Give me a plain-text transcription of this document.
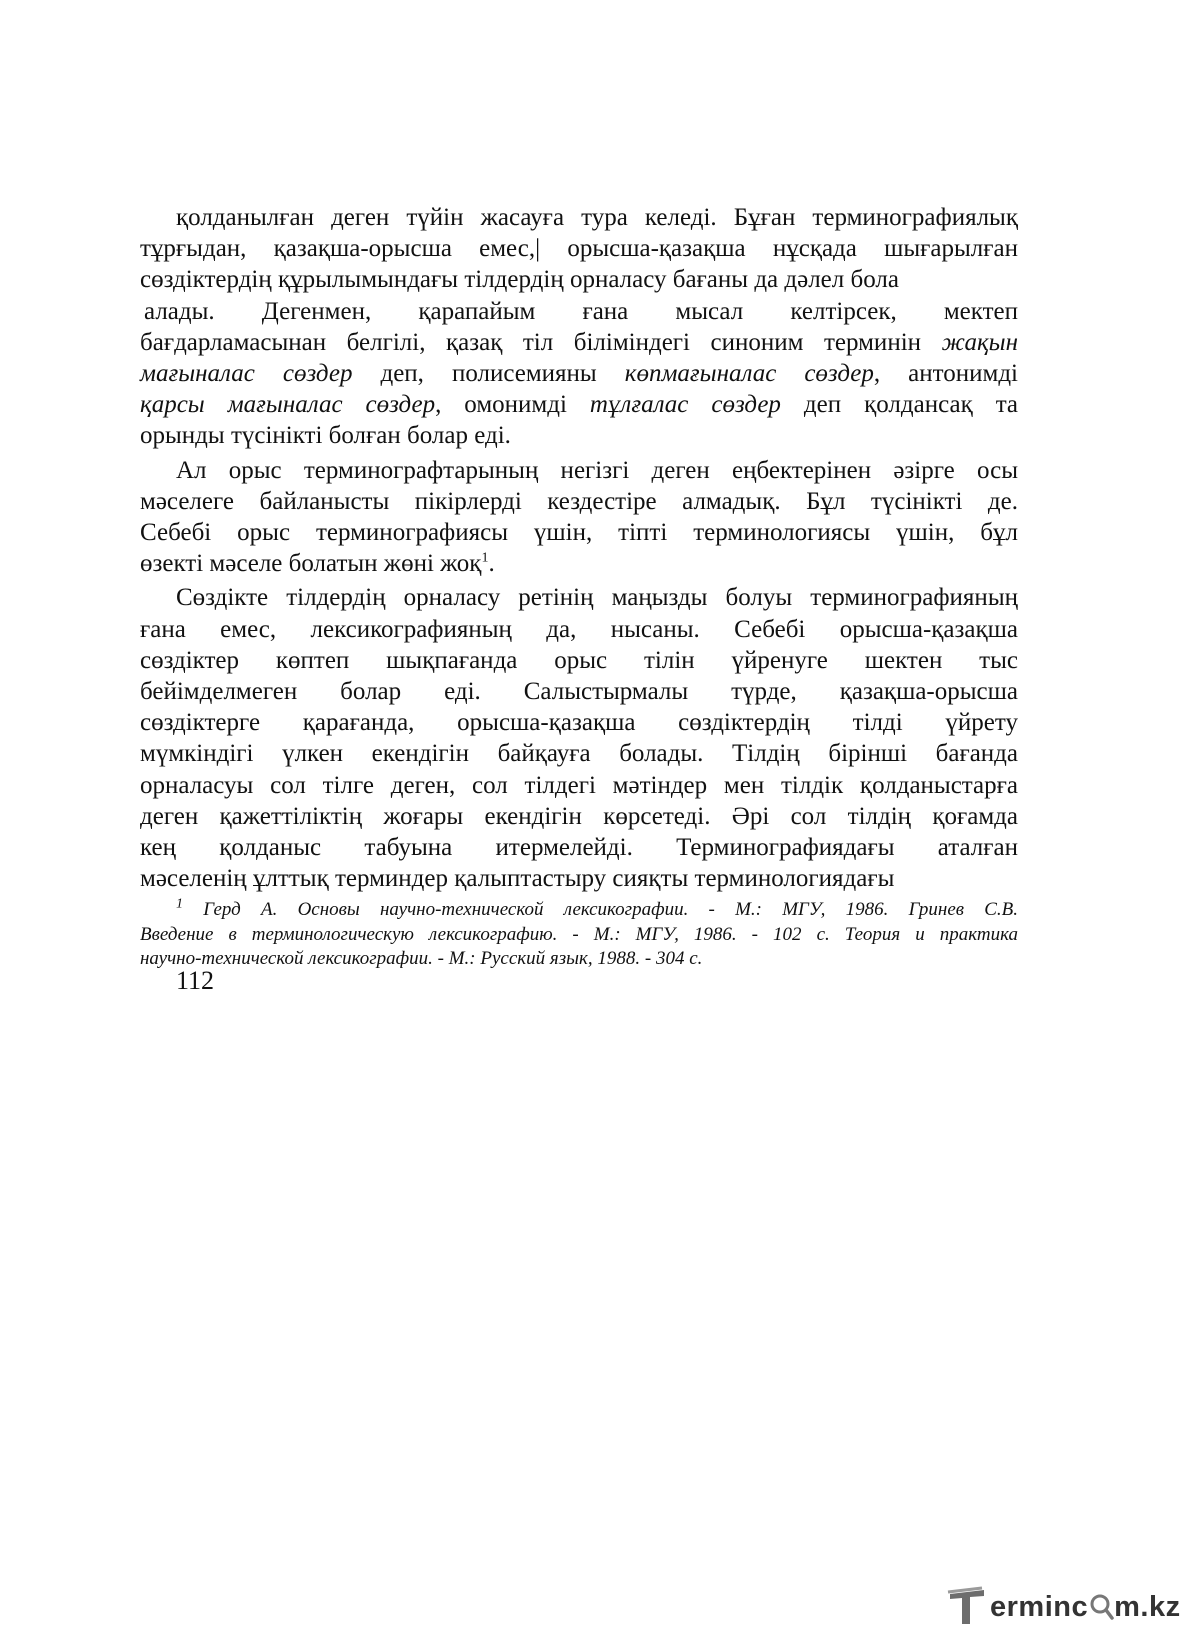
қолданылған деген түйін жасауға тура келеді. Бұған терминографиялық
тұрғыдан, қазақша-орысша емес,| орысша-қазақша нұсқада шығарылған
сөздіктердің құрылымындағы тілдердің орналасу бағаны да дәлел бола
алады. Дегенмен, қарапайым ғана мысал келтірсек, мектеп
бағдарламасынан белгілі, қазақ тіл біліміндегі синоним терминін жақын
мағыналас сөздер деп, полисемияны көпмағыналас сөздер, антонимді
қарсы мағыналас сөздер, омонимді тұлғалас сөздер деп қолдансақ та
орынды түсінікті болған болар еді.
Ал орыс терминографтарының негізгі деген еңбектерінен әзірге осы
мәселеге байланысты пікірлерді кездестіре алмадық. Бұл түсінікті де.
Себебі орыс терминографиясы үшін, тіпті терминологиясы үшін, бұл
өзекті мәселе болатын жөні жоқ$^1$.
Сөздікте тілдердің орналасу ретінің маңызды болуы терминографияның
ғана емес, лексикографияның да, нысаны. Себебі орысша-қазақша
сөздіктер көптеп шықпағанда орыс тілін үйренуге шектен тыс
бейімделмеген болар еді. Салыстырмалы түрде, қазақша-орысша
сөздіктерге қарағанда, орысша-қазақша сөздіктердің тілді үйрету
мүмкіндігі үлкен екендігін байқауға болады. Тілдің бірінші бағанда
орналасуы сол тілге деген, сол тілдегі мәтіндер мен тілдік қолданыстарға
деген қажеттіліктің жоғары екендігін көрсетеді. Әрі сол тілдің қоғамда
кең қолданыс табуына итермелейді. Терминографиядағы аталған
мәселенің ұлттық терминдер қалыптастыру сияқты терминологиядағы
$^1$ Герд А. Основы научно-технической лексикографии. - М.: МГУ, 1986. Гринев С.В.
Введение в терминологическую лексикографию. - М.: МГУ, 1986. - 102 с. Теория и практика
научно-технической лексикографии. - М.: Русский язык, 1988. - 304 с.
112
ermin c m.kz
